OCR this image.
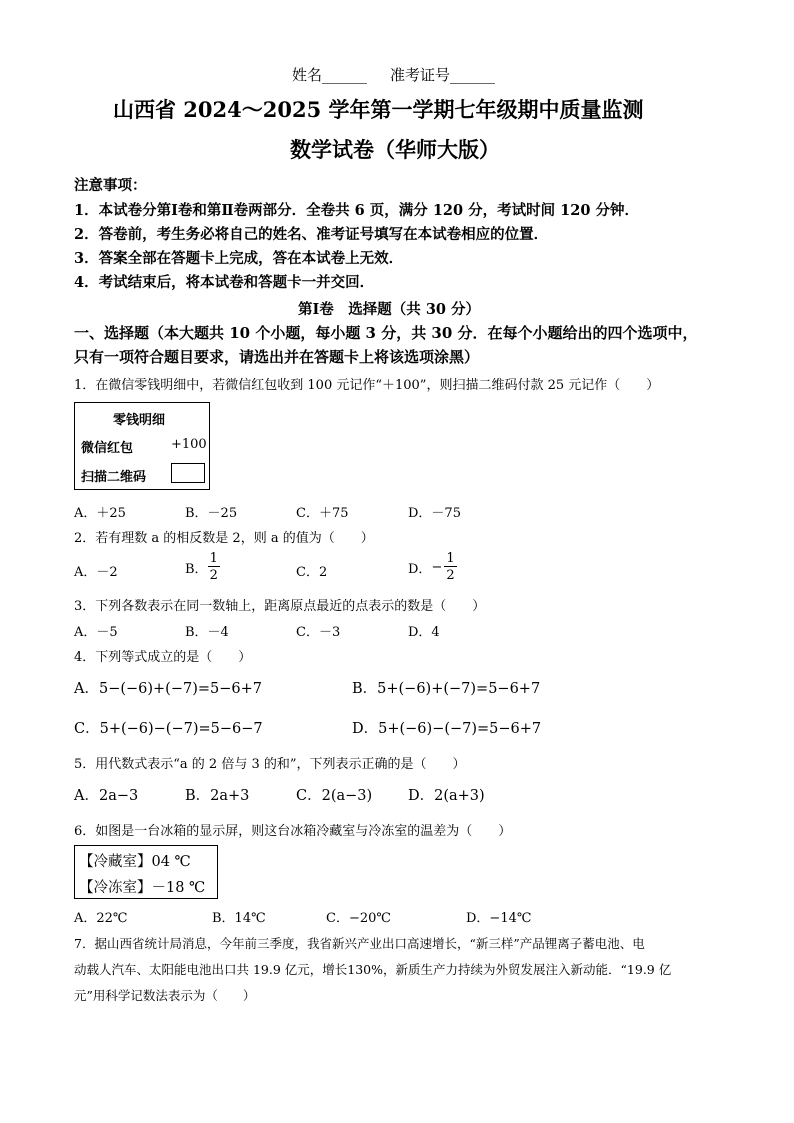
姓名______ 准考证号______
山西省 2024～2025 学年第一学期七年级期中质量监测
数学试卷（华师大版）
注意事项：
1．本试卷分第Ⅰ卷和第Ⅱ卷两部分．全卷共 6 页，满分 120 分，考试时间 120 分钟．
2．答卷前，考生务必将自己的姓名、准考证号填写在本试卷相应的位置．
3．答案全部在答题卡上完成，答在本试卷上无效．
4．考试结束后，将本试卷和答题卡一并交回．
第Ⅰ卷　选择题（共 30 分）
一、选择题（本大题共 10 个小题，每小题 3 分，共 30 分．在每个小题给出的四个选项中，
只有一项符合题目要求，请选出并在答题卡上将该选项涂黑）
1．在微信零钱明细中，若微信红包收到 100 元记作“＋100”，则扫描二维码付款 25 元记作（　　）
零钱明细
微信红包	+100
扫描二维码
A．＋25	B．－25	C．＋75	D．－75
2．若有理数 a 的相反数是 2，则 a 的值为（　　）
A．－2	B． $\frac{1}{2}$	C．2	D． − $\frac{1}{2}$
3．下列各数表示在同一数轴上，距离原点最近的点表示的数是（　　）
A．－5	B．－4	C．－3	D．4
4．下列等式成立的是（　　）
A．5−(−6)+(−7)=5−6+7	B．5+(−6)+(−7)=5−6+7
C．5+(−6)−(−7)=5−6−7	D．5+(−6)−(−7)=5−6+7
5．用代数式表示“a 的 2 倍与 3 的和”，下列表示正确的是（　　）
A．2a−3	B．2a+3	C．2(a−3) D．2(a+3)
6．如图是一台冰箱的显示屏，则这台冰箱冷藏室与冷冻室的温差为（　　）
【冷藏室】04 ℃
【冷冻室】－18 ℃
A．22℃	B．14℃	C．−20℃	D．−14℃
7．据山西省统计局消息，今年前三季度，我省新兴产业出口高速增长，“新三样”产品锂离子蓄电池、电
动载人汽车、太阳能电池出口共 19.9 亿元，增长130%，新质生产力持续为外贸发展注入新动能．“19.9 亿
元”用科学记数法表示为（　　）
